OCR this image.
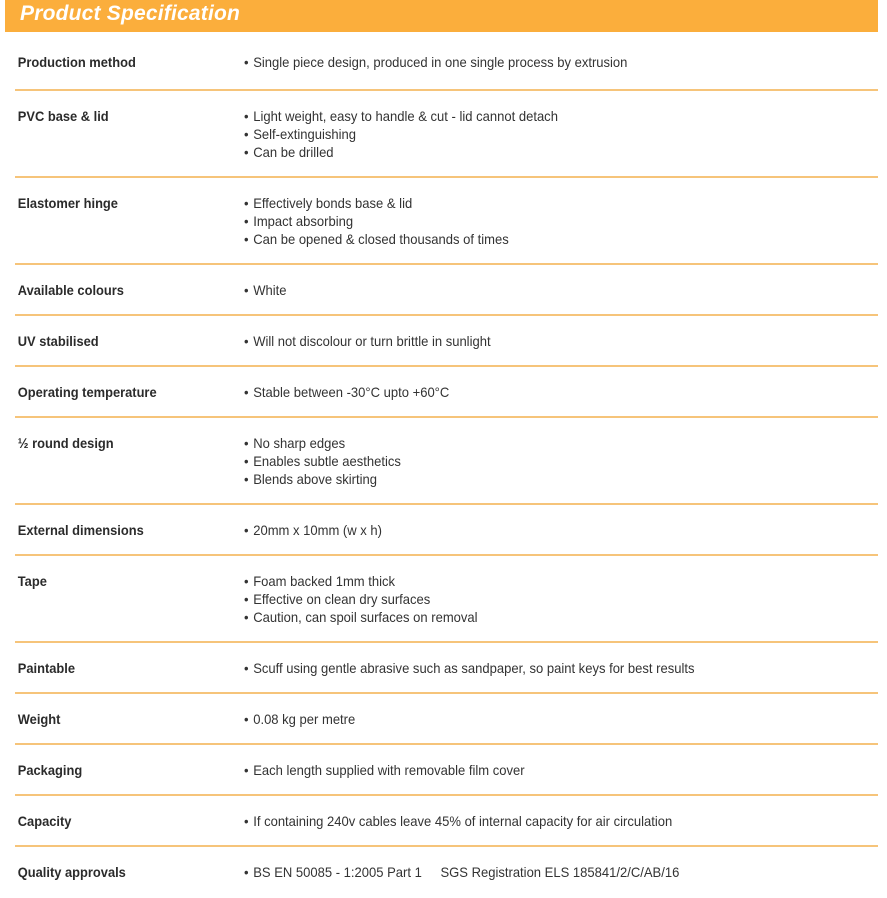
Product Specification
Production method	• Single piece design, produced in one single process by extrusion
PVC base & lid	• Light weight, easy to handle & cut - lid cannot detach
• Self-extinguishing
• Can be drilled
Elastomer hinge	• Effectively bonds base & lid
• Impact absorbing
• Can be opened & closed thousands of times
Available colours	• White
UV stabilised	• Will not discolour or turn brittle in sunlight
Operating temperature	• Stable between -30°C upto +60°C
½ round design	• No sharp edges
• Enables subtle aesthetics
• Blends above skirting
External dimensions	• 20mm x 10mm (w x h)
Tape	• Foam backed 1mm thick
• Effective on clean dry surfaces
• Caution, can spoil surfaces on removal
Paintable	• Scuff using gentle abrasive such as sandpaper, so paint keys for best results
Weight	• 0.08 kg per metre
Packaging	• Each length supplied with removable film cover
Capacity	• If containing 240v cables leave 45% of internal capacity for air circulation
Quality approvals	• BS EN 50085 - 1:2005 Part 1 SGS Registration ELS 185841/2/C/AB/16
